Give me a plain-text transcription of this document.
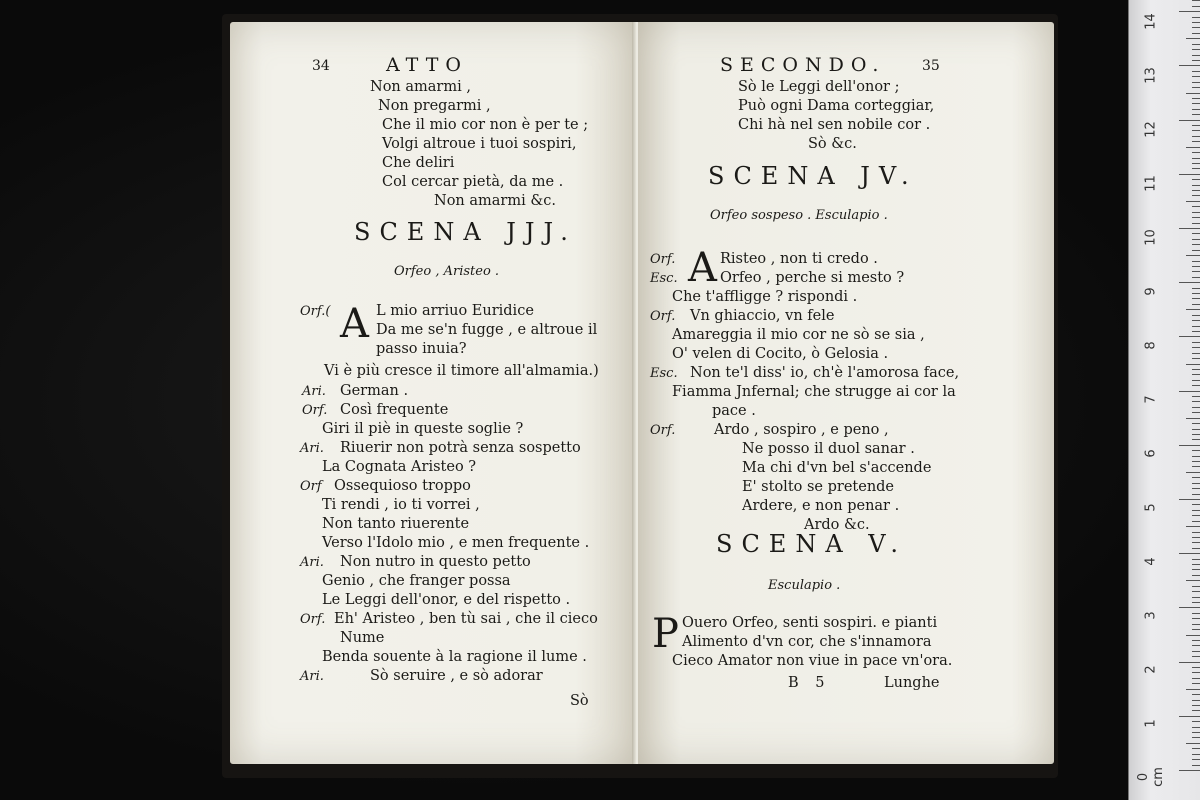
34	ATTO
Non amarmi ,
Non pregarmi ,
Che il mio cor non è per te ;
Volgi altroue i tuoi sospiri,
Che deliri
Col cercar pietà, da me .
Non amarmi &c.
SCENA JJJ.
Orfeo , Aristeo .
Orf.( A L mio arriuo Euridice
Da me se'n fugge , e altroue il
passo inuia?
Vi è più cresce il timore all'almamia.)
Ari. German .
Orf. Così frequente
Giri il piè in queste soglie ?
Ari. Riuerir non potrà senza sospetto
La Cognata Aristeo ?
Orf Ossequioso troppo
Ti rendi , io ti vorrei ,
Non tanto riuerente
Verso l'Idolo mio , e men frequente .
Ari. Non nutro in questo petto
Genio , che franger possa
Le Leggi dell'onor, e del rispetto .
Orf. Eh' Aristeo , ben tù sai , che il cieco
Nume
Benda souente à la ragione il lume .
Ari.	Sò seruire , e sò adorar
Sò
SECONDO.	35
Sò le Leggi dell'onor ;
Può ogni Dama corteggiar,
Chi hà nel sen nobile cor .
Sò &c.
SCENA JV.
Orfeo sospeso . Esculapio .
A
Orf.	Risteo , non ti credo .
Esc.	Orfeo , perche si mesto ?
Che t'affligge ? rispondi .
Orf. Vn ghiaccio, vn fele
Amareggia il mio cor ne sò se sia ,
O' velen di Cocito, ò Gelosia .
Esc. Non te'l diss' io, ch'è l'amorosa face,
Fiamma Jnfernal; che strugge ai cor la
pace .
Orf.	Ardo , sospiro , e peno ,
Ne posso il duol sanar .
Ma chi d'vn bel s'accende
E' stolto se pretende
Ardere, e non penar .
Ardo &c.
SCENA V.
Esculapio .
P Ouero Orfeo, senti sospiri. e pianti
Alimento d'vn cor, che s'innamora
Cieco Amator non viue in pace vn'ora.
B 5	Lunghe
0 cm
1
2
3
4
5
6
7
8
9
10
11
12
13
14
